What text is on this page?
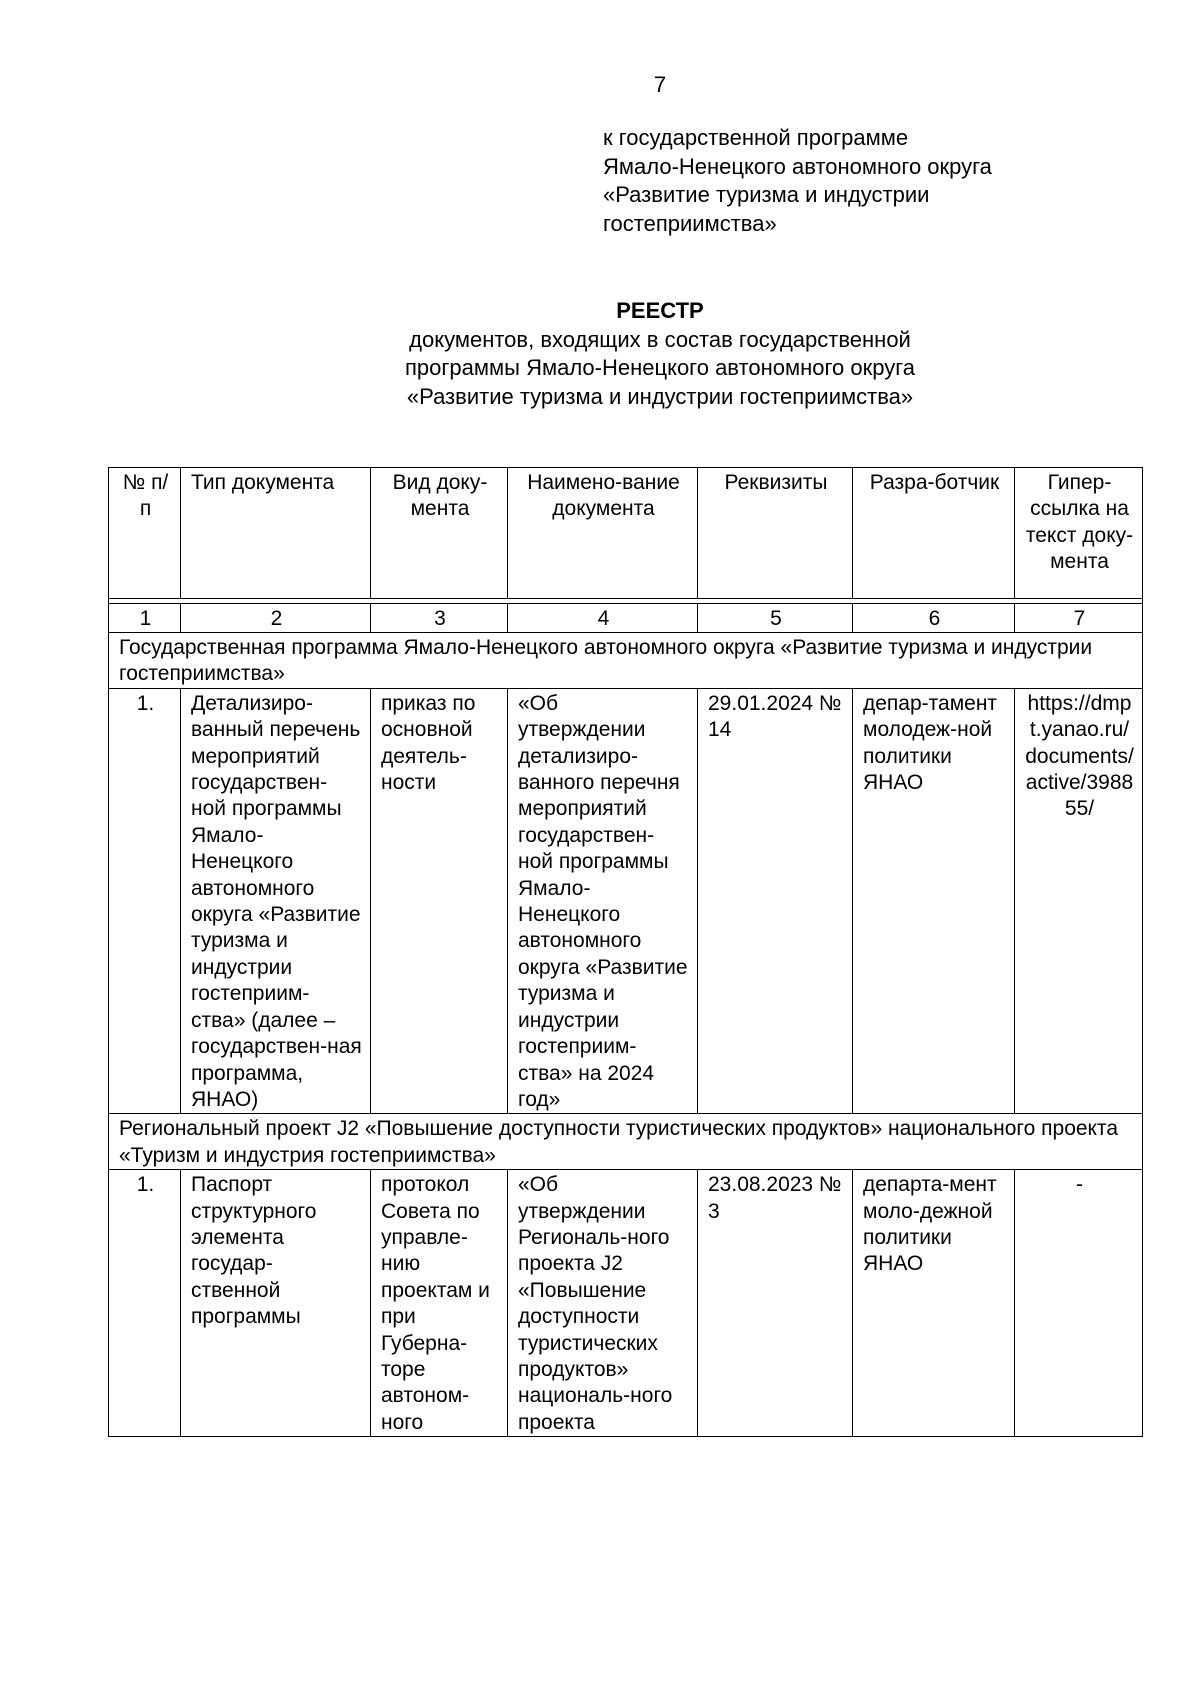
7
к государственной программе
Ямало-Ненецкого автономного округа
«Развитие туризма и индустрии
гостеприимства»
РЕЕСТР
документов, входящих в состав государственной
программы Ямало-Ненецкого автономного округа
«Развитие туризма и индустрии гостеприимства»
№ п/п	Тип документа	Вид доку-мента	Наимено-вание документа	Реквизиты	Разра-ботчик	Гипер-ссылка на текст доку-мента

1	2	3	4	5	6	7
Государственная программа Ямало-Ненецкого автономного округа «Развитие туризма и индустрии гостеприимства»						
1.	Детализиро-ванный перечень мероприятий государствен-ной программы Ямало-Ненецкого автономного округа «Развитие туризма и индустрии гостеприим-ства» (далее – государствен-ная программа, ЯНАО)	приказ по основной деятель-ности	«Об утверждении детализиро-ванного перечня мероприятий государствен-ной программы Ямало-Ненецкого автономного округа «Развитие туризма и индустрии гостеприим-ства» на 2024 год»	29.01.2024 № 14	депар-тамент молодеж-ной политики ЯНАО	https://dmpt.yanao.ru/documents/active/398855/
Региональный проект J2 «Повышение доступности туристических продуктов» национального проекта «Туризм и индустрия гостеприимства»						
1.	Паспорт структурного элемента государ-ственной программы	протокол Совета по управле-нию проектам и при Губерна-торе автоном-ного	«Об утверждении Региональ-ного проекта J2 «Повышение доступности туристических продуктов» националь-ного проекта	23.08.2023 № 3	департа-мент моло-дежной политики ЯНАО	-
